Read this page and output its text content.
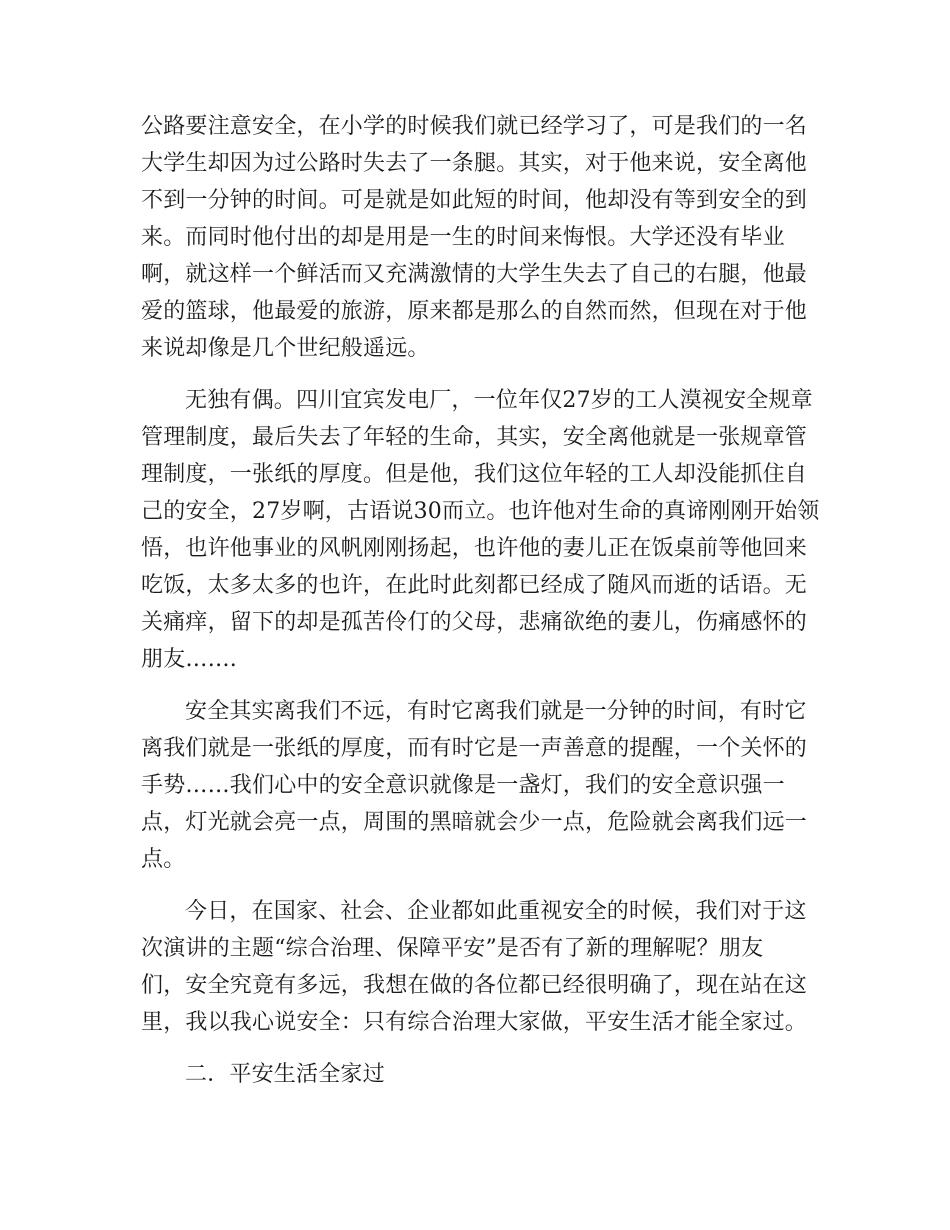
公路要注意安全，在小学的时候我们就已经学习了，可是我们的一名
大学生却因为过公路时失去了一条腿。其实，对于他来说，安全离他
不到一分钟的时间。可是就是如此短的时间，他却没有等到安全的到
来。而同时他付出的却是用是一生的时间来悔恨。大学还没有毕业
啊，就这样一个鲜活而又充满激情的大学生失去了自己的右腿，他最
爱的篮球，他最爱的旅游，原来都是那么的自然而然，但现在对于他
来说却像是几个世纪般遥远。
无独有偶。四川宜宾发电厂，一位年仅27岁的工人漠视安全规章
管理制度，最后失去了年轻的生命，其实，安全离他就是一张规章管
理制度，一张纸的厚度。但是他，我们这位年轻的工人却没能抓住自
己的安全，27岁啊，古语说30而立。也许他对生命的真谛刚刚开始领
悟，也许他事业的风帆刚刚扬起，也许他的妻儿正在饭桌前等他回来
吃饭，太多太多的也许，在此时此刻都已经成了随风而逝的话语。无
关痛痒，留下的却是孤苦伶仃的父母，悲痛欲绝的妻儿，伤痛感怀的
朋友…….
安全其实离我们不远，有时它离我们就是一分钟的时间，有时它
离我们就是一张纸的厚度，而有时它是一声善意的提醒，一个关怀的
手势……我们心中的安全意识就像是一盏灯，我们的安全意识强一
点，灯光就会亮一点，周围的黑暗就会少一点，危险就会离我们远一
点。
今日，在国家、社会、企业都如此重视安全的时候，我们对于这
次演讲的主题“综合治理、保障平安”是否有了新的理解呢？朋友
们，安全究竟有多远，我想在做的各位都已经很明确了，现在站在这
里，我以我心说安全：只有综合治理大家做，平安生活才能全家过。
二．平安生活全家过
